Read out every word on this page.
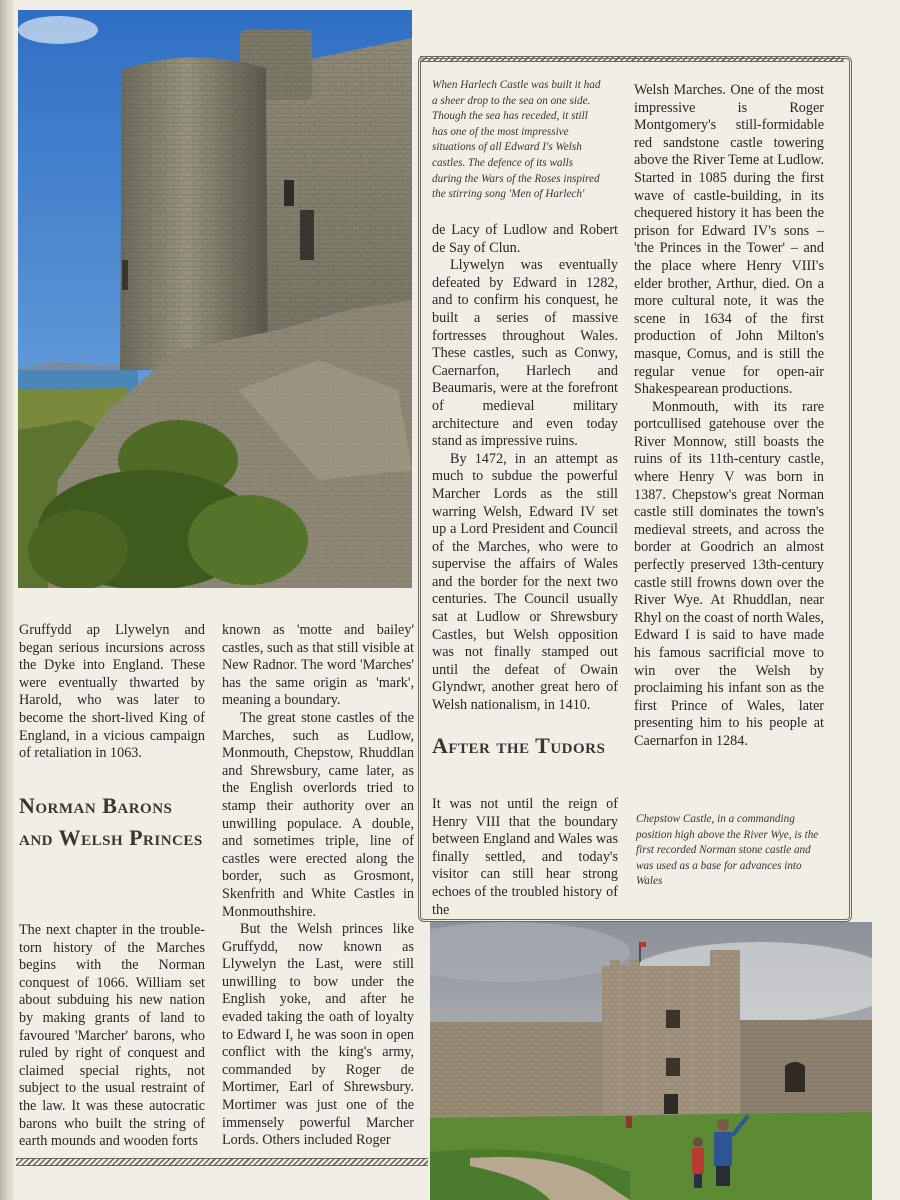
When Harlech Castle was built it had a sheer drop to the sea on one side. Though the sea has receded, it still has one of the most impressive situations of all Edward I's Welsh castles. The defence of its walls during the Wars of the Roses inspired the stirring song 'Men of Harlech'

Gruffydd ap Llywelyn and began serious incursions across the Dyke into England. These were eventually thwarted by Harold, who was later to become the short-lived King of England, in a vicious campaign of retaliation in 1063.

Norman Barons and Welsh Princes

The next chapter in the trouble-torn history of the Marches begins with the Norman conquest of 1066. William set about subduing his new nation by making grants of land to favoured 'Marcher' barons, who ruled by right of conquest and claimed special rights, not subject to the usual restraint of the law. It was these autocratic barons who built the string of earth mounds and wooden forts

known as 'motte and bailey' castles, such as that still visible at New Radnor. The word 'Marches' has the same origin as 'mark', meaning a boundary.

The great stone castles of the Marches, such as Ludlow, Monmouth, Chepstow, Rhuddlan and Shrewsbury, came later, as the English overlords tried to stamp their authority over an unwilling populace. A double, and sometimes triple, line of castles were erected along the border, such as Grosmont, Skenfrith and White Castles in Monmouthshire.

But the Welsh princes like Gruffydd, now known as Llywelyn the Last, were still unwilling to bow under the English yoke, and after he evaded taking the oath of loyalty to Edward I, he was soon in open conflict with the king's army, commanded by Roger de Mortimer, Earl of Shrewsbury. Mortimer was just one of the immensely powerful Marcher Lords. Others included Roger

de Lacy of Ludlow and Robert de Say of Clun.

Llywelyn was eventually defeated by Edward in 1282, and to confirm his conquest, he built a series of massive fortresses throughout Wales. These castles, such as Conwy, Caernarfon, Harlech and Beaumaris, were at the forefront of medieval military architecture and even today stand as impressive ruins.

By 1472, in an attempt as much to subdue the powerful Marcher Lords as the still warring Welsh, Edward IV set up a Lord President and Council of the Marches, who were to supervise the affairs of Wales and the border for the next two centuries. The Council usually sat at Ludlow or Shrewsbury Castles, but Welsh opposition was not finally stamped out until the defeat of Owain Glyndwr, another great hero of Welsh nationalism, in 1410.

After the Tudors

It was not until the reign of Henry VIII that the boundary between England and Wales was finally settled, and today's visitor can still hear strong echoes of the troubled history of the

Welsh Marches. One of the most impressive is Roger Montgomery's still-formidable red sandstone castle towering above the River Teme at Ludlow. Started in 1085 during the first wave of castle-building, in its chequered history it has been the prison for Edward IV's sons – 'the Princes in the Tower' – and the place where Henry VIII's elder brother, Arthur, died. On a more cultural note, it was the scene in 1634 of the first production of John Milton's masque, Comus, and is still the regular venue for open-air Shakespearean productions.

Monmouth, with its rare portcullised gatehouse over the River Monnow, still boasts the ruins of its 11th-century castle, where Henry V was born in 1387. Chepstow's great Norman castle still dominates the town's medieval streets, and across the border at Goodrich an almost perfectly preserved 13th-century castle still frowns down over the River Wye. At Rhuddlan, near Rhyl on the coast of north Wales, Edward I is said to have made his famous sacrificial move to win over the Welsh by proclaiming his infant son as the first Prince of Wales, later presenting him to his people at Caernarfon in 1284.

Chepstow Castle, in a commanding position high above the River Wye, is the first recorded Norman stone castle and was used as a base for advances into Wales
